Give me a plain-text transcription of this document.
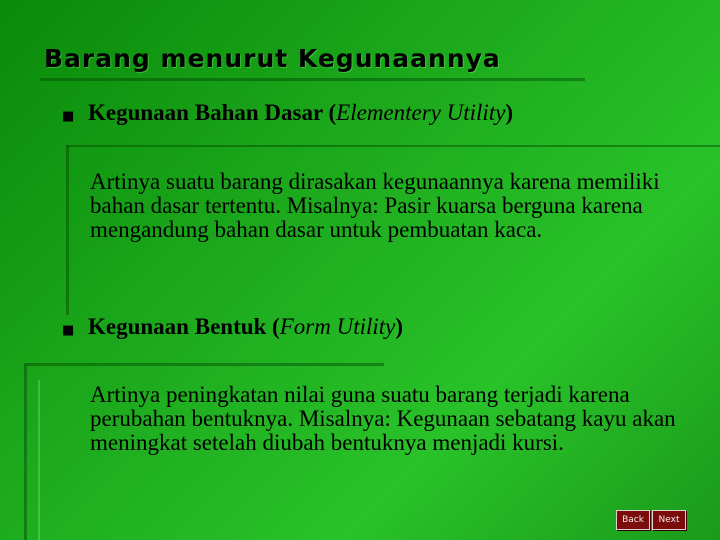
Barang menurut Kegunaannya
■ Kegunaan Bahan Dasar (Elementery Utility)
Artinya suatu barang dirasakan kegunaannya karena memiliki bahan dasar tertentu. Misalnya: Pasir kuarsa berguna karena mengandung bahan dasar untuk pembuatan kaca.
■ Kegunaan Bentuk (Form Utility)
Artinya peningkatan nilai guna suatu barang terjadi karena perubahan bentuknya. Misalnya: Kegunaan sebatang kayu akan meningkat setelah diubah bentuknya menjadi kursi.
Back	Next
